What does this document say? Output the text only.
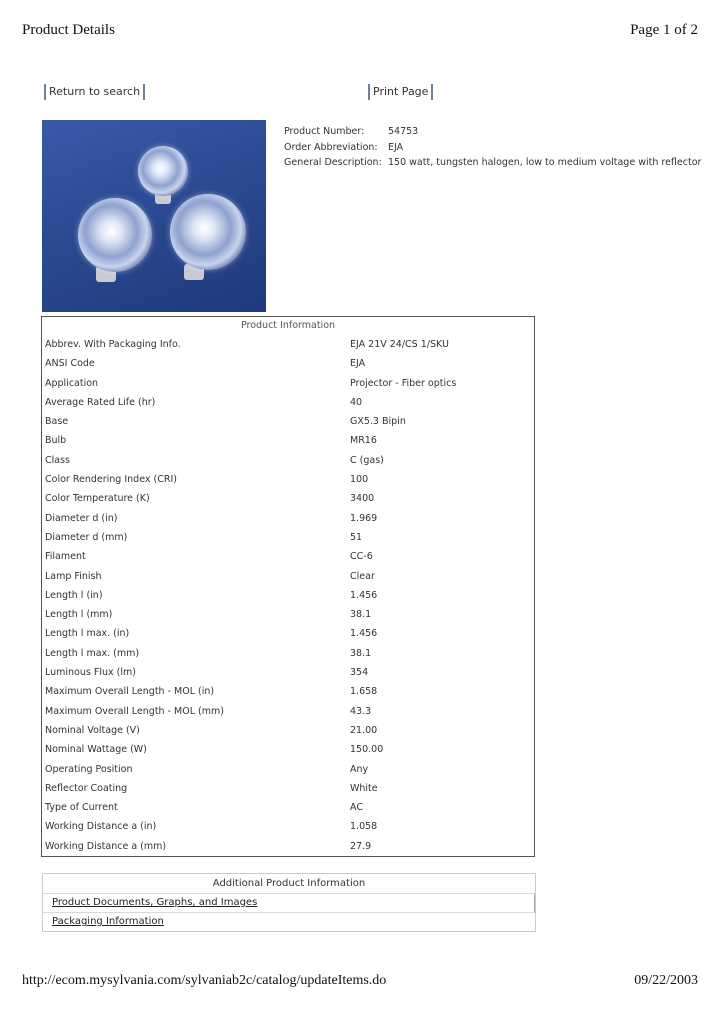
Product Details	Page 1 of 2
Return to search	Print Page
Product Number: 54753
Order Abbreviation: EJA
General Description: 150 watt, tungsten halogen, low to medium voltage with reflector
Product Information
Abbrev. With Packaging Info.	EJA 21V 24/CS 1/SKU
ANSI Code	EJA
Application	Projector - Fiber optics
Average Rated Life (hr)	40
Base	GX5.3 Bipin
Bulb	MR16
Class	C (gas)
Color Rendering Index (CRI)	100
Color Temperature (K)	3400
Diameter d (in)	1.969
Diameter d (mm)	51
Filament	CC-6
Lamp Finish	Clear
Length l (in)	1.456
Length l (mm)	38.1
Length l max. (in)	1.456
Length l max. (mm)	38.1
Luminous Flux (lm)	354
Maximum Overall Length - MOL (in)	1.658
Maximum Overall Length - MOL (mm)	43.3
Nominal Voltage (V)	21.00
Nominal Wattage (W)	150.00
Operating Position	Any
Reflector Coating	White
Type of Current	AC
Working Distance a (in)	1.058
Working Distance a (mm)	27.9
Additional Product Information
Product Documents, Graphs, and Images
Packaging Information
http://ecom.mysylvania.com/sylvaniab2c/catalog/updateItems.do	09/22/2003
